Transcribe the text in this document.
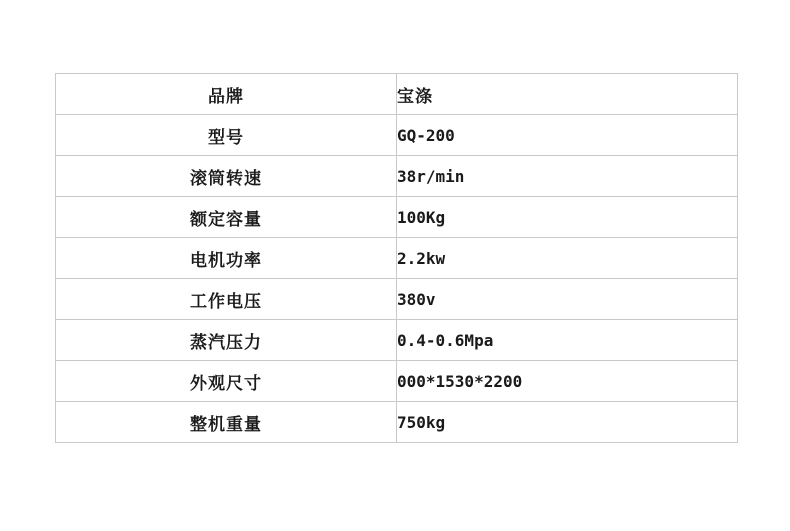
品牌	宝涤
型号	GQ-200
滚筒转速	38r/min
额定容量	100Kg
电机功率	2.2kw
工作电压	380v
蒸汽压力	0.4-0.6Mpa
外观尺寸	000*1530*2200
整机重量	750kg
